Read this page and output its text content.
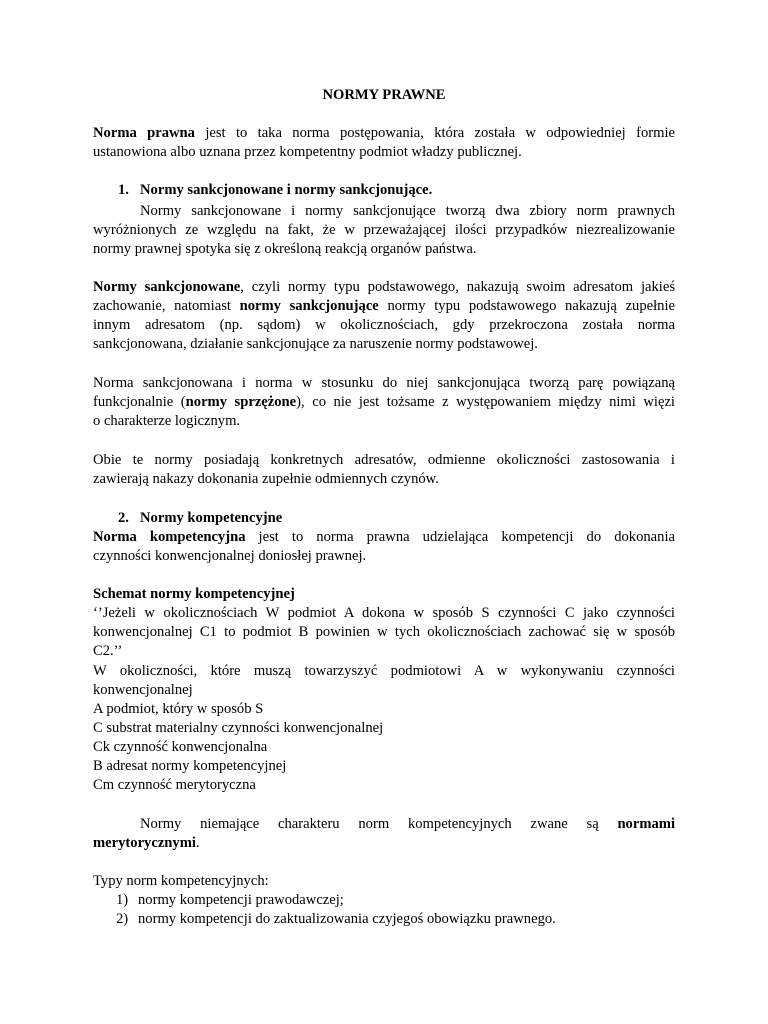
NORMY PRAWNE
Norma prawna jest to taka norma postępowania, która została w odpowiedniej formie
ustanowiona albo uznana przez kompetentny podmiot władzy publicznej.
1. Normy sankcjonowane i normy sankcjonujące.
Normy sankcjonowane i normy sankcjonujące tworzą dwa zbiory norm prawnych
wyróżnionych ze względu na fakt, że w przeważającej ilości przypadków niezrealizowanie
normy prawnej spotyka się z określoną reakcją organów państwa.
Normy sankcjonowane, czyli normy typu podstawowego, nakazują swoim adresatom jakieś
zachowanie, natomiast normy sankcjonujące normy typu podstawowego nakazują zupełnie
innym adresatom (np. sądom) w okolicznościach, gdy przekroczona została norma
sankcjonowana, działanie sankcjonujące za naruszenie normy podstawowej.
Norma sankcjonowana i norma w stosunku do niej sankcjonująca tworzą parę powiązaną
funkcjonalnie (normy sprzężone), co nie jest tożsame z występowaniem między nimi więzi
o charakterze logicznym.
Obie te normy posiadają konkretnych adresatów, odmienne okoliczności zastosowania i
zawierają nakazy dokonania zupełnie odmiennych czynów.
2. Normy kompetencyjne
Norma kompetencyjna jest to norma prawna udzielająca kompetencji do dokonania
czynności konwencjonalnej doniosłej prawnej.
Schemat normy kompetencyjnej
‘’Jeżeli w okolicznościach W podmiot A dokona w sposób S czynności C jako czynności
konwencjonalnej C1 to podmiot B powinien w tych okolicznościach zachować się w sposób
C2.’’
W okoliczności, które muszą towarzyszyć podmiotowi A w wykonywaniu czynności
konwencjonalnej
A podmiot, który w sposób S
C substrat materialny czynności konwencjonalnej
Ck czynność konwencjonalna
B adresat normy kompetencyjnej
Cm czynność merytoryczna
Normy niemające charakteru norm kompetencyjnych zwane są normami
merytorycznymi.
Typy norm kompetencyjnych:
1) normy kompetencji prawodawczej;
2) normy kompetencji do zaktualizowania czyjegoś obowiązku prawnego.
